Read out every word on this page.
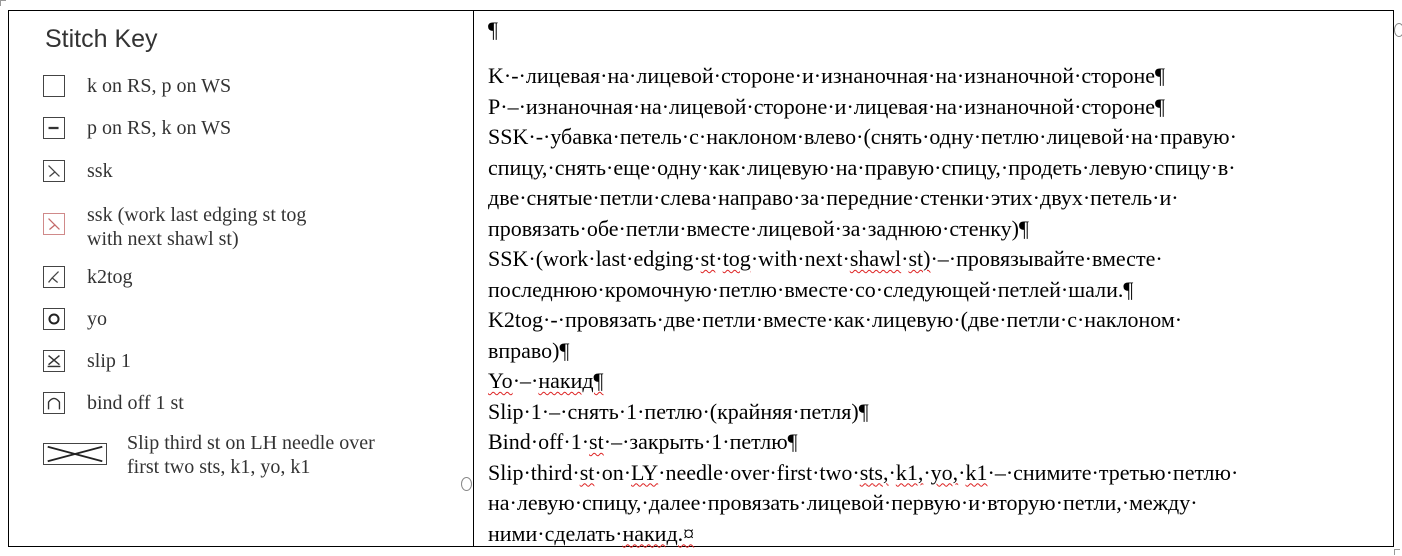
Stitch Key
k on RS, p on WS
p on RS, k on WS
ssk
ssk (work last edging st tog
with next shawl st)
k2tog
yo
slip 1
bind off 1 st
Slip third st on LH needle over
first two sts, k1, yo, k1
¶

K·-·лицевая·на·лицевой·стороне·и·изнаночная·на·изнаночной·стороне¶

P·–·изнаночная·на·лицевой·стороне·и·лицевая·на·изнаночной·стороне¶

SSK·-·убавка·петель·с·наклоном·влево·(снять·одну·петлю·лицевой·на·правую·

спицу,·снять·еще·одну·как·лицевую·на·правую·спицу,·продеть·левую·спицу·в·

две·снятые·петли·слева·направо·за·передние·стенки·этих·двух·петель·и·

провязать·обе·петли·вместе·лицевой·за·заднюю·стенку)¶

SSK·(work·last·edging·st·tog·with·next·shawl·st)·–·провязывайте·вместе·

последнюю·кромочную·петлю·вместе·со·следующей·петлей·шали.¶

K2tog·-·провязать·две·петли·вместе·как·лицевую·(две·петли·с·наклоном·

вправо)¶

Yo·–·накид¶

Slip·1·–·снять·1·петлю·(крайняя·петля)¶

Bind·off·1·st·–·закрыть·1·петлю¶

Slip·third·st·on·LY·needle·over·first·two·sts,·k1,·yo,·k1·–·снимите·третью·петлю·

на·левую·спицу,·далее·провязать·лицевой·первую·и·вторую·петли,·между·

ними·сделать·накид.¤
